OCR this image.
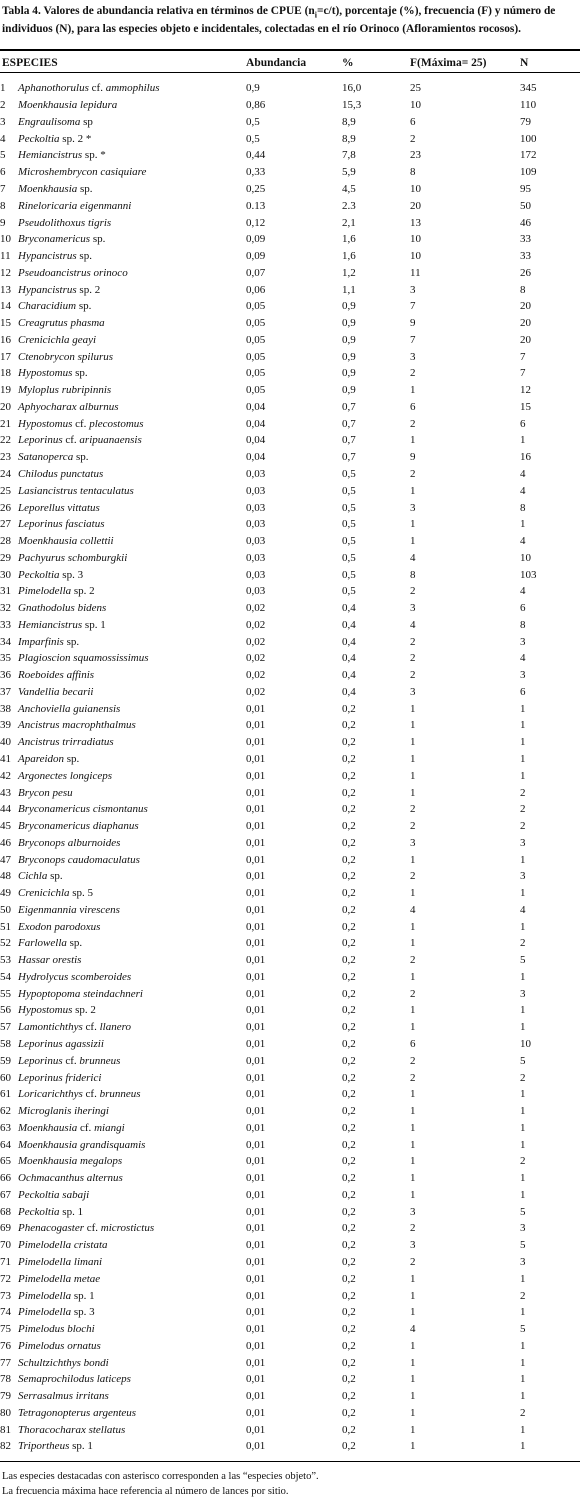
Tabla 4. Valores de abundancia relativa en términos de CPUE $(n_i=c/t)$, porcentaje (%), frecuencia (F) y número de individuos (N), para las especies objeto e incidentales, colectadas en el río Orinoco (Afloramientos rocosos).
ESPECIES		Abundancia	%	F(Máxima= 25)	N

1	Aphanothorulus cf. ammophilus	0,9	16,0	25	345
2	Moenkhausia lepidura	0,86	15,3	10	110
3	Engraulisoma sp	0,5	8,9	6	79
4	Peckoltia sp. 2 *	0,5	8,9	2	100
5	Hemiancistrus sp. *	0,44	7,8	23	172
6	Microshembrycon casiquiare	0,33	5,9	8	109
7	Moenkhausia sp.	0,25	4,5	10	95
8	Rineloricaria eigenmanni	0.13	2.3	20	50
9	Pseudolithoxus tigris	0,12	2,1	13	46
10	Bryconamericus sp.	0,09	1,6	10	33
11	Hypancistrus sp.	0,09	1,6	10	33
12	Pseudoancistrus orinoco	0,07	1,2	11	26
13	Hypancistrus sp. 2	0,06	1,1	3	8
14	Characidium sp.	0,05	0,9	7	20
15	Creagrutus phasma	0,05	0,9	9	20
16	Crenicichla geayi	0,05	0,9	7	20
17	Ctenobrycon spilurus	0,05	0,9	3	7
18	Hypostomus sp.	0,05	0,9	2	7
19	Myloplus rubripinnis	0,05	0,9	1	12
20	Aphyocharax alburnus	0,04	0,7	6	15
21	Hypostomus cf. plecostomus	0,04	0,7	2	6
22	Leporinus cf. aripuanaensis	0,04	0,7	1	1
23	Satanoperca sp.	0,04	0,7	9	16
24	Chilodus punctatus	0,03	0,5	2	4
25	Lasiancistrus tentaculatus	0,03	0,5	1	4
26	Leporellus vittatus	0,03	0,5	3	8
27	Leporinus fasciatus	0,03	0,5	1	1
28	Moenkhausia collettii	0,03	0,5	1	4
29	Pachyurus schomburgkii	0,03	0,5	4	10
30	Peckoltia sp. 3	0,03	0,5	8	103
31	Pimelodella sp. 2	0,03	0,5	2	4
32	Gnathodolus bidens	0,02	0,4	3	6
33	Hemiancistrus sp. 1	0,02	0,4	4	8
34	Imparfinis sp.	0,02	0,4	2	3
35	Plagioscion squamossissimus	0,02	0,4	2	4
36	Roeboides affinis	0,02	0,4	2	3
37	Vandellia becarii	0,02	0,4	3	6
38	Anchoviella guianensis	0,01	0,2	1	1
39	Ancistrus macrophthalmus	0,01	0,2	1	1
40	Ancistrus trirradiatus	0,01	0,2	1	1
41	Apareidon sp.	0,01	0,2	1	1
42	Argonectes longiceps	0,01	0,2	1	1
43	Brycon pesu	0,01	0,2	1	2
44	Bryconamericus cismontanus	0,01	0,2	2	2
45	Bryconamericus diaphanus	0,01	0,2	2	2
46	Bryconops alburnoides	0,01	0,2	3	3
47	Bryconops caudomaculatus	0,01	0,2	1	1
48	Cichla sp.	0,01	0,2	2	3
49	Crenicichla sp. 5	0,01	0,2	1	1
50	Eigenmannia virescens	0,01	0,2	4	4
51	Exodon parodoxus	0,01	0,2	1	1
52	Farlowella sp.	0,01	0,2	1	2
53	Hassar orestis	0,01	0,2	2	5
54	Hydrolycus scomberoides	0,01	0,2	1	1
55	Hypoptopoma steindachneri	0,01	0,2	2	3
56	Hypostomus sp. 2	0,01	0,2	1	1
57	Lamontichthys cf. llanero	0,01	0,2	1	1
58	Leporinus agassizii	0,01	0,2	6	10
59	Leporinus cf. brunneus	0,01	0,2	2	5
60	Leporinus friderici	0,01	0,2	2	2
61	Loricarichthys cf. brunneus	0,01	0,2	1	1
62	Microglanis iheringi	0,01	0,2	1	1
63	Moenkhausia cf. miangi	0,01	0,2	1	1
64	Moenkhausia grandisquamis	0,01	0,2	1	1
65	Moenkhausia megalops	0,01	0,2	1	2
66	Ochmacanthus alternus	0,01	0,2	1	1
67	Peckoltia sabaji	0,01	0,2	1	1
68	Peckoltia sp. 1	0,01	0,2	3	5
69	Phenacogaster cf. microstictus	0,01	0,2	2	3
70	Pimelodella cristata	0,01	0,2	3	5
71	Pimelodella limani	0,01	0,2	2	3
72	Pimelodella metae	0,01	0,2	1	1
73	Pimelodella sp. 1	0,01	0,2	1	2
74	Pimelodella sp. 3	0,01	0,2	1	1
75	Pimelodus blochi	0,01	0,2	4	5
76	Pimelodus ornatus	0,01	0,2	1	1
77	Schultzichthys bondi	0,01	0,2	1	1
78	Semaprochilodus laticeps	0,01	0,2	1	1
79	Serrasalmus irritans	0,01	0,2	1	1
80	Tetragonopterus argenteus	0,01	0,2	1	2
81	Thoracocharax stellatus	0,01	0,2	1	1
82	Triportheus sp. 1	0,01	0,2	1	1
Las especies destacadas con asterisco corresponden a las “especies objeto”.
La frecuencia máxima hace referencia al número de lances por sitio.
